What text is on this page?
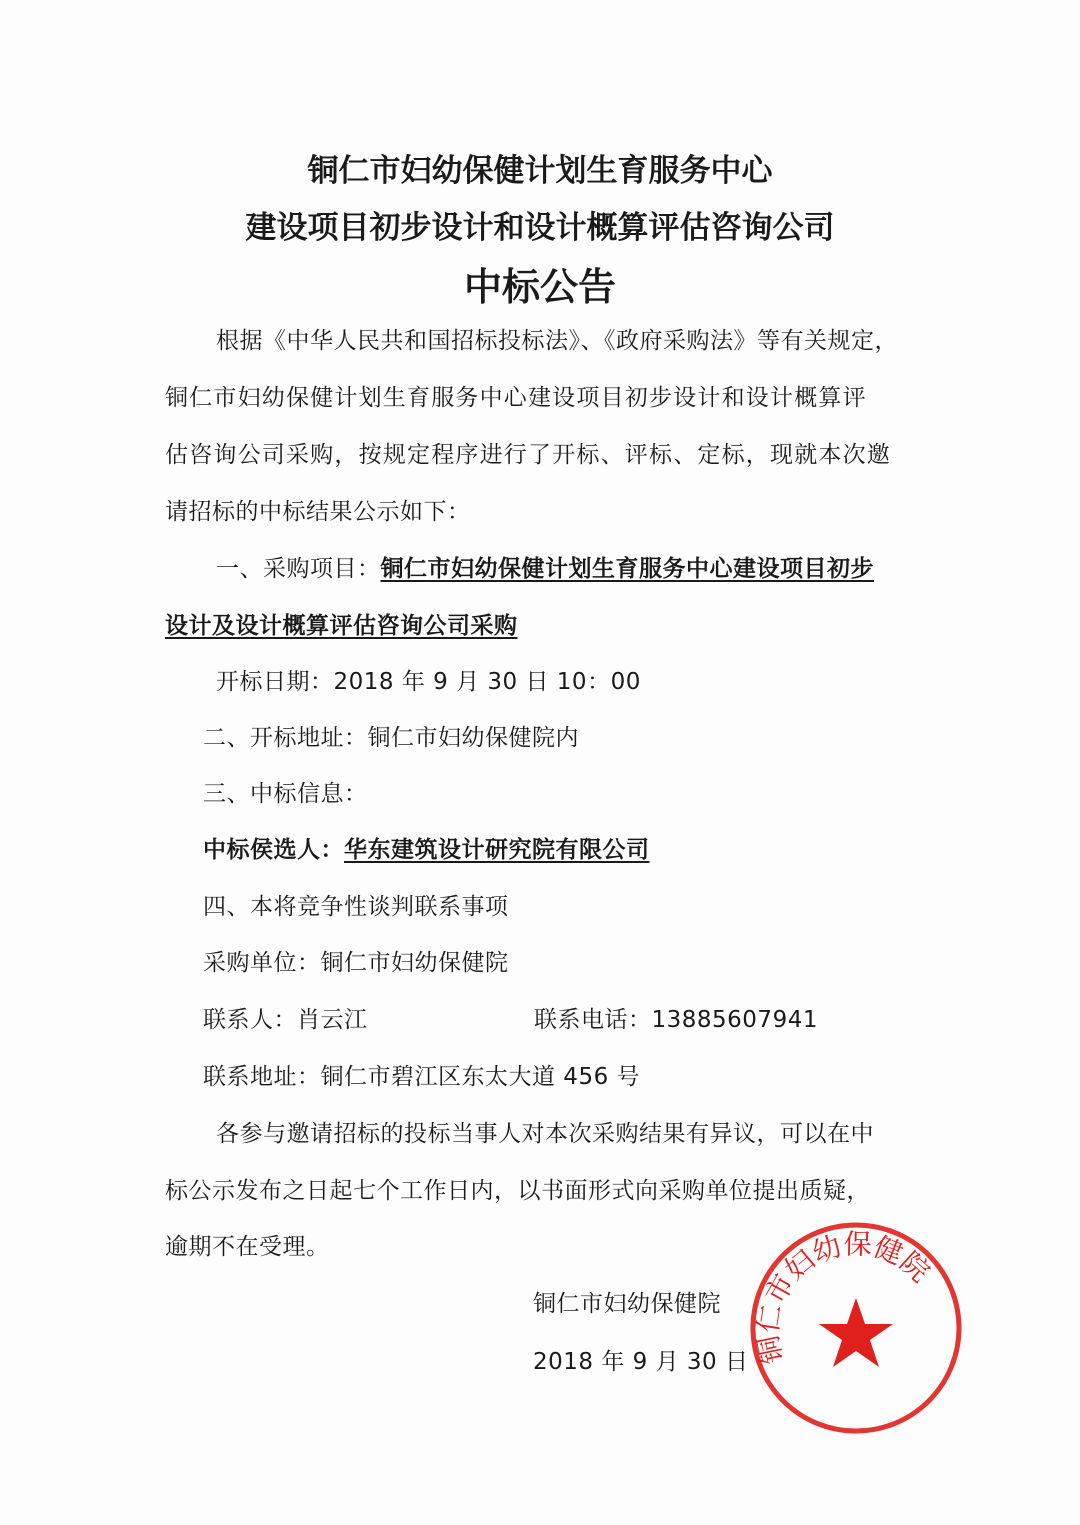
铜仁市妇幼保健计划生育服务中心
建设项目初步设计和设计概算评估咨询公司
中标公告
根据《中华人民共和国招标投标法》、《政府采购法》等有关规定，
铜仁市妇幼保健计划生育服务中心建设项目初步设计和设计概算评
估咨询公司采购，按规定程序进行了开标、评标、定标，现就本次邀
请招标的中标结果公示如下：
一、采购项目：铜仁市妇幼保健计划生育服务中心建设项目初步
设计及设计概算评估咨询公司采购
开标日期：2018 年 9 月 30 日 10：00
二、开标地址：铜仁市妇幼保健院内
三、中标信息：
中标侯选人：华东建筑设计研究院有限公司
四、本将竞争性谈判联系事项
采购单位：铜仁市妇幼保健院
联系人：肖云江	联系电话：13885607941
联系地址：铜仁市碧江区东太大道 456 号
各参与邀请招标的投标当事人对本次采购结果有异议，可以在中
标公示发布之日起七个工作日内，以书面形式向采购单位提出质疑，
逾期不在受理。
铜仁市妇幼保健院
铜仁市妇幼保健院
2018 年 9 月 30 日
